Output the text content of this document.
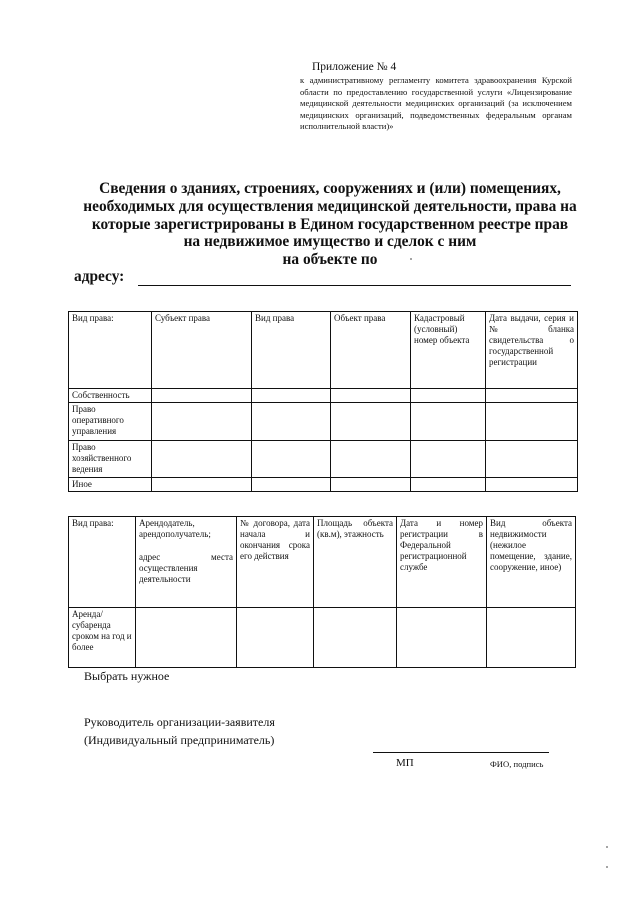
Приложение № 4
к административному регламенту комитета здравоохранения Курской области по предоставлению государственной услуги «Лицензирование медицинской деятельности медицинских организаций (за исключением медицинских организаций, подведомственных федеральным органам исполнительной власти)»
Сведения о зданиях, строениях, сооружениях и (или) помещениях,
необходимых для осуществления медицинской деятельности, права на
которые зарегистрированы в Едином государственном реестре прав
на недвижимое имущество и сделок с ним
на объекте по
адресу:
Вид права:	Субъект права	Вид права	Объект права	Кадастровый (условный) номер объекта	Дата выдачи, серия и № бланка свидетельства о государственной регистрации
Собственность					
Право оперативного управления					
Право хозяйственного ведения					
Иное					
Вид права:	Арендодатель, арендополучатель;
адрес места осуществления деятельности	№ договора, дата начала и окончания срока его действия	Площадь объекта (кв.м), этажность	Дата и номер регистрации в Федеральной регистрационной службе	Вид объекта недвижимости (нежилое помещение, здание, сооружение, иное)
Аренда/ субаренда сроком на год и более					
Выбрать нужное
Руководитель организации-заявителя
(Индивидуальный предприниматель)
МП	ФИО, подпись
